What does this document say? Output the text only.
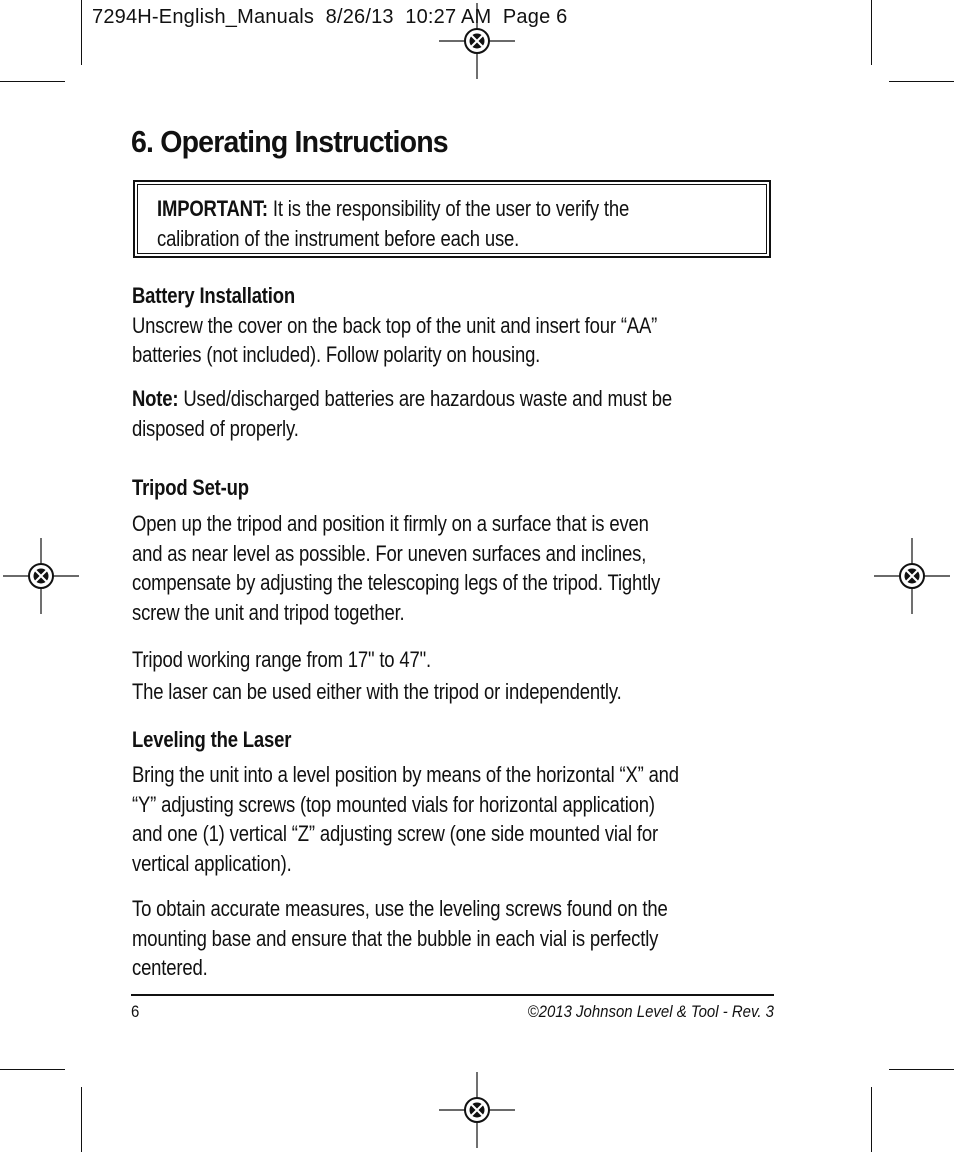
7294H-English_Manuals  8/26/13  10:27 AM  Page 6
6. Operating Instructions
IMPORTANT: It is the responsibility of the user to verify the
calibration of the instrument before each use.
Battery Installation
Unscrew the cover on the back top of the unit and insert four “AA”
batteries (not included). Follow polarity on housing.
Note: Used/discharged batteries are hazardous waste and must be
disposed of properly.
Tripod Set-up
Open up the tripod and position it firmly on a surface that is even
and as near level as possible. For uneven surfaces and inclines,
compensate by adjusting the telescoping legs of the tripod. Tightly
screw the unit and tripod together.
Tripod working range from 17" to 47".
The laser can be used either with the tripod or independently.
Leveling the Laser
Bring the unit into a level position by means of the horizontal “X” and
“Y” adjusting screws (top mounted vials for horizontal application)
and one (1) vertical “Z” adjusting screw (one side mounted vial for
vertical application).
To obtain accurate measures, use the leveling screws found on the
mounting base and ensure that the bubble in each vial is perfectly
centered.
6	©2013 Johnson Level & Tool - Rev. 3
